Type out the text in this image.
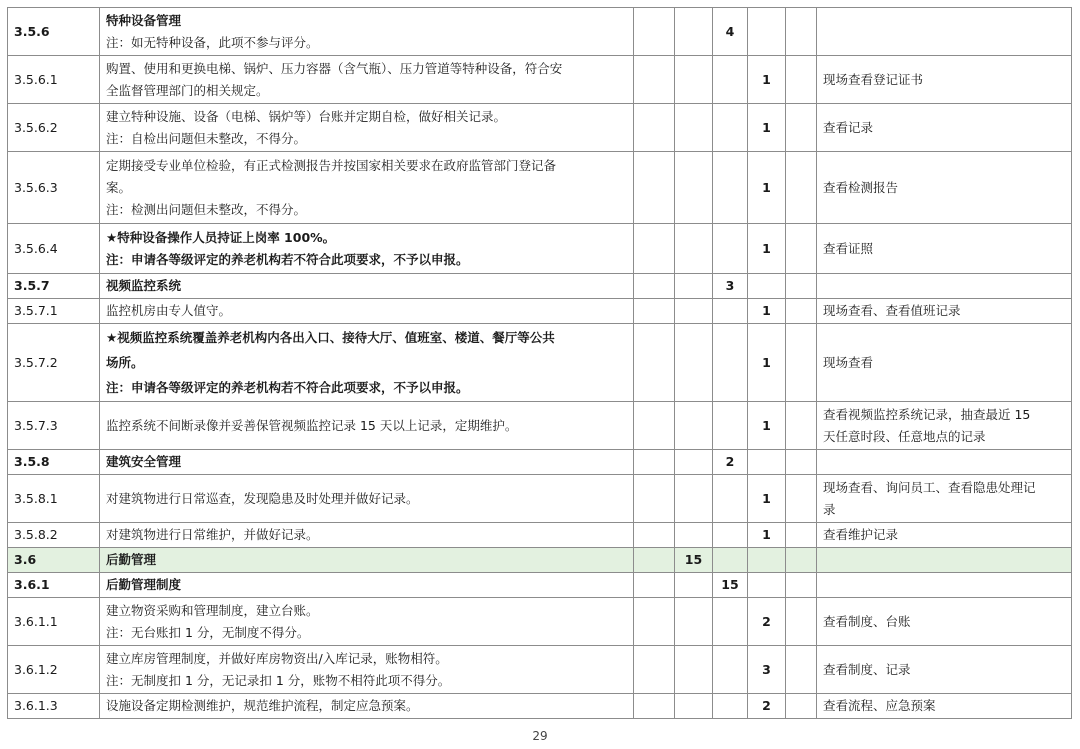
3.5.6	特种设备管理
注：如无特种设备，此项不参与评分。			4			
3.5.6.1	购置、使用和更换电梯、锅炉、压力容器（含气瓶）、压力管道等特种设备，符合安
全监督管理部门的相关规定。				1		现场查看登记证书

3.5.6.2	建立特种设施、设备（电梯、锅炉等）台账并定期自检，做好相关记录。
注：自检出问题但未整改，不得分。				1		查看记录

3.5.6.3	定期接受专业单位检验，有正式检测报告并按国家相关要求在政府监管部门登记备
案。
注：检测出问题但未整改，不得分。				1		查看检测报告

3.5.6.4	★特种设备操作人员持证上岗率 100%。
注：申请各等级评定的养老机构若不符合此项要求，不予以申报。				1		查看证照

3.5.7	视频监控系统			3			
3.5.7.1	监控机房由专人值守。				1		现场查看、查看值班记录

3.5.7.2	★视频监控系统覆盖养老机构内各出入口、接待大厅、值班室、楼道、餐厅等公共
场所。
注：申请各等级评定的养老机构若不符合此项要求，不予以申报。				1		现场查看

3.5.7.3	监控系统不间断录像并妥善保管视频监控记录 15 天以上记录，定期维护。				1		查看视频监控系统记录，抽查最近 15
天任意时段、任意地点的记录

3.5.8	建筑安全管理			2			
3.5.8.1	对建筑物进行日常巡查，发现隐患及时处理并做好记录。				1		现场查看、询问员工、查看隐患处理记
录

3.5.8.2	对建筑物进行日常维护，并做好记录。				1		查看维护记录

3.6	后勤管理		15				
3.6.1	后勤管理制度			15			
3.6.1.1	建立物资采购和管理制度，建立台账。
注：无台账扣 1 分，无制度不得分。				2		查看制度、台账

3.6.1.2	建立库房管理制度，并做好库房物资出/入库记录，账物相符。
注：无制度扣 1 分，无记录扣 1 分，账物不相符此项不得分。				3		查看制度、记录

3.6.1.3	设施设备定期检测维护，规范维护流程，制定应急预案。				2		查看流程、应急预案
29
